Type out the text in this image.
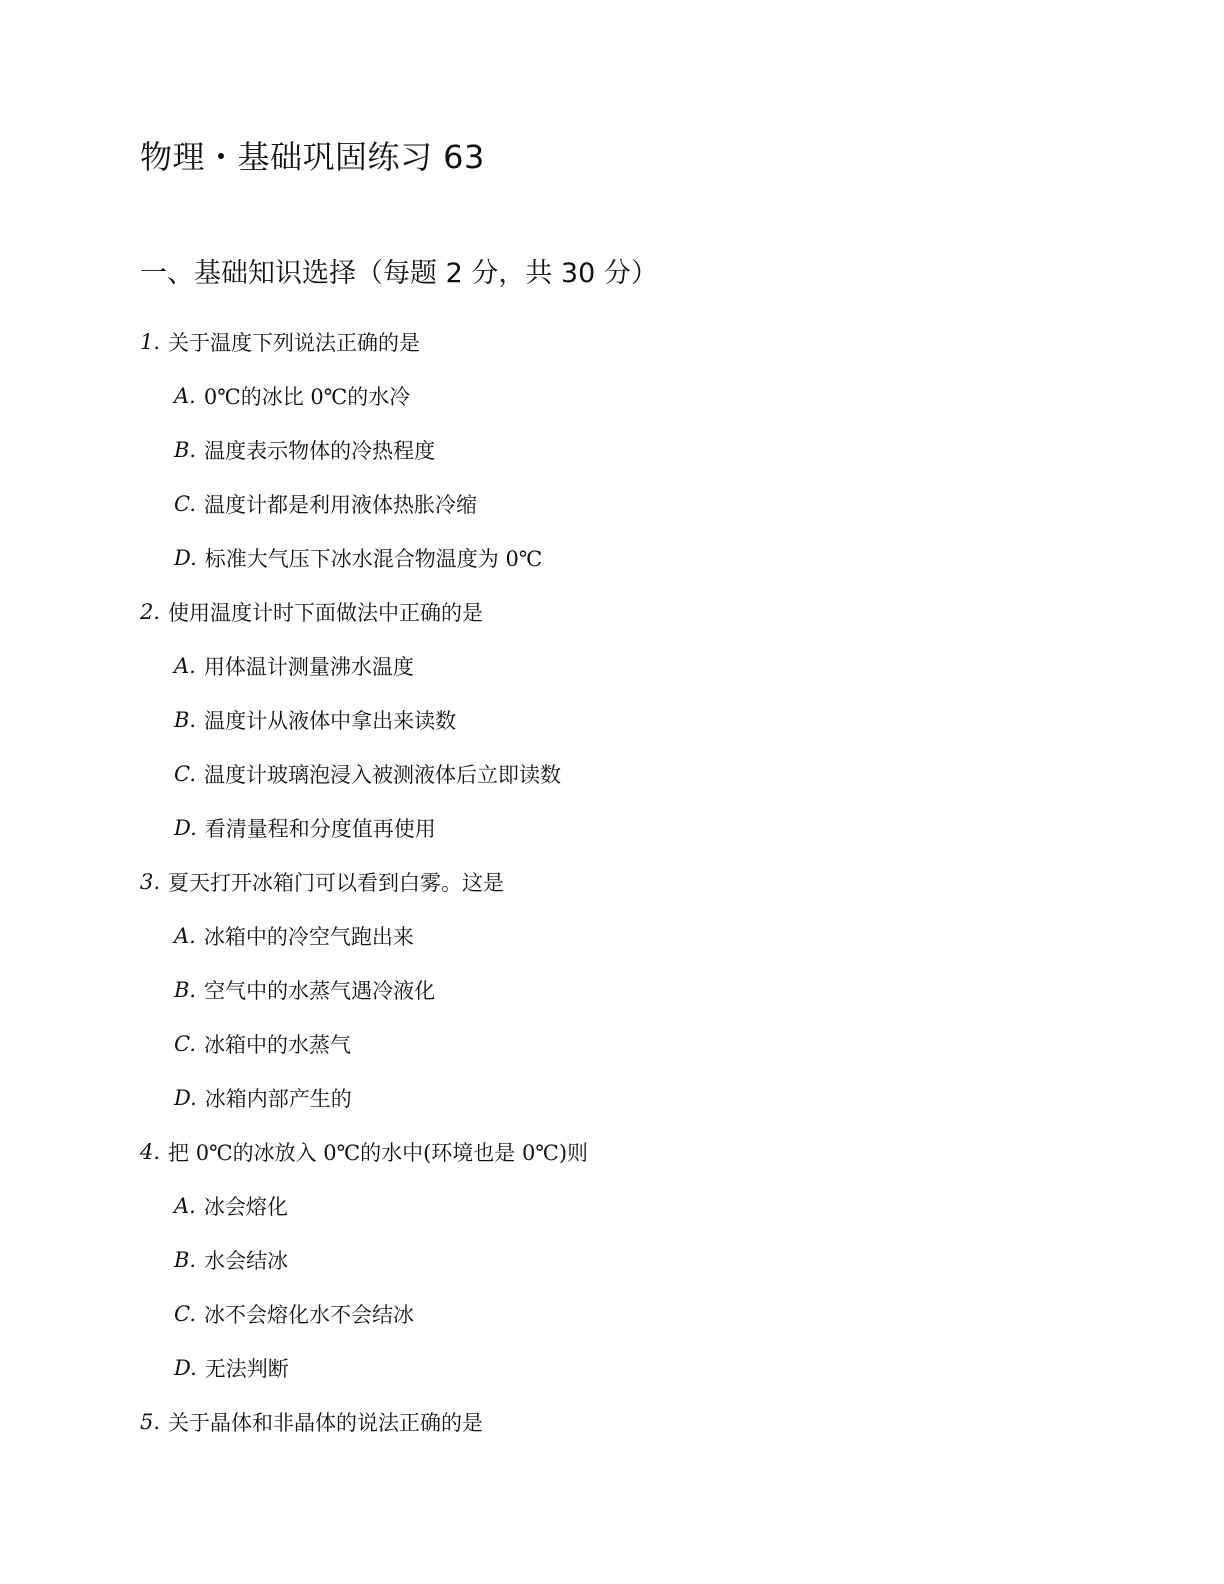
物理・基础巩固练习 63
一、基础知识选择（每题 2 分，共 30 分）
1. 关于温度下列说法正确的是
A. 0℃的冰比 0℃的水冷
B. 温度表示物体的冷热程度
C. 温度计都是利用液体热胀冷缩
D. 标准大气压下冰水混合物温度为 0℃
2. 使用温度计时下面做法中正确的是
A. 用体温计测量沸水温度
B. 温度计从液体中拿出来读数
C. 温度计玻璃泡浸入被测液体后立即读数
D. 看清量程和分度值再使用
3. 夏天打开冰箱门可以看到白雾。这是
A. 冰箱中的冷空气跑出来
B. 空气中的水蒸气遇冷液化
C. 冰箱中的水蒸气
D. 冰箱内部产生的
4. 把 0℃的冰放入 0℃的水中(环境也是 0℃)则
A. 冰会熔化
B. 水会结冰
C. 冰不会熔化水不会结冰
D. 无法判断
5. 关于晶体和非晶体的说法正确的是
